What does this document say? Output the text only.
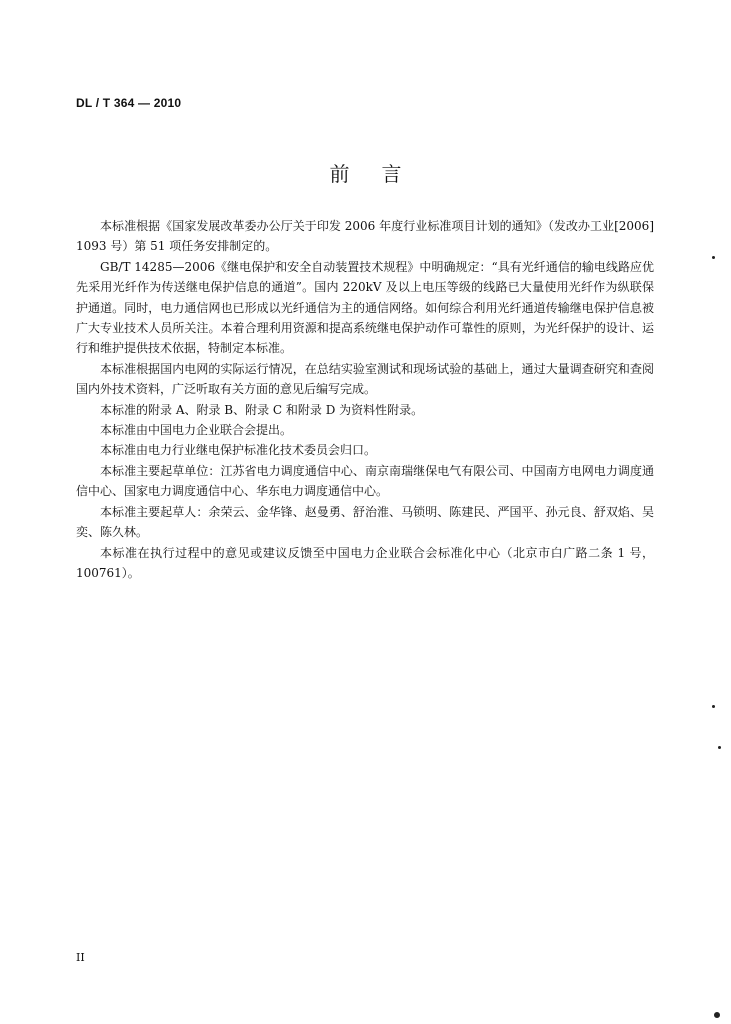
DL / T 364 — 2010
前言

本标准根据《国家发展改革委办公厅关于印发 2006 年度行业标准项目计划的通知》（发改办工业[2006] 1093 号）第 51 项任务安排制定的。

GB/T 14285—2006《继电保护和安全自动装置技术规程》中明确规定：“具有光纤通信的输电线路应优先采用光纤作为传送继电保护信息的通道”。国内 220kV 及以上电压等级的线路已大量使用光纤作为纵联保护通道。同时，电力通信网也已形成以光纤通信为主的通信网络。如何综合利用光纤通道传输继电保护信息被广大专业技术人员所关注。本着合理利用资源和提高系统继电保护动作可靠性的原则，为光纤保护的设计、运行和维护提供技术依据，特制定本标准。

本标准根据国内电网的实际运行情况，在总结实验室测试和现场试验的基础上，通过大量调查研究和查阅国内外技术资料，广泛听取有关方面的意见后编写完成。

本标准的附录 A、附录 B、附录 C 和附录 D 为资料性附录。

本标准由中国电力企业联合会提出。

本标准由电力行业继电保护标准化技术委员会归口。

本标准主要起草单位：江苏省电力调度通信中心、南京南瑞继保电气有限公司、中国南方电网电力调度通信中心、国家电力调度通信中心、华东电力调度通信中心。

本标准主要起草人：余荣云、金华锋、赵曼勇、舒治淮、马锁明、陈建民、严国平、孙元良、舒双焰、吴奕、陈久林。

本标准在执行过程中的意见或建议反馈至中国电力企业联合会标准化中心（北京市白广路二条 1 号，100761）。

II
